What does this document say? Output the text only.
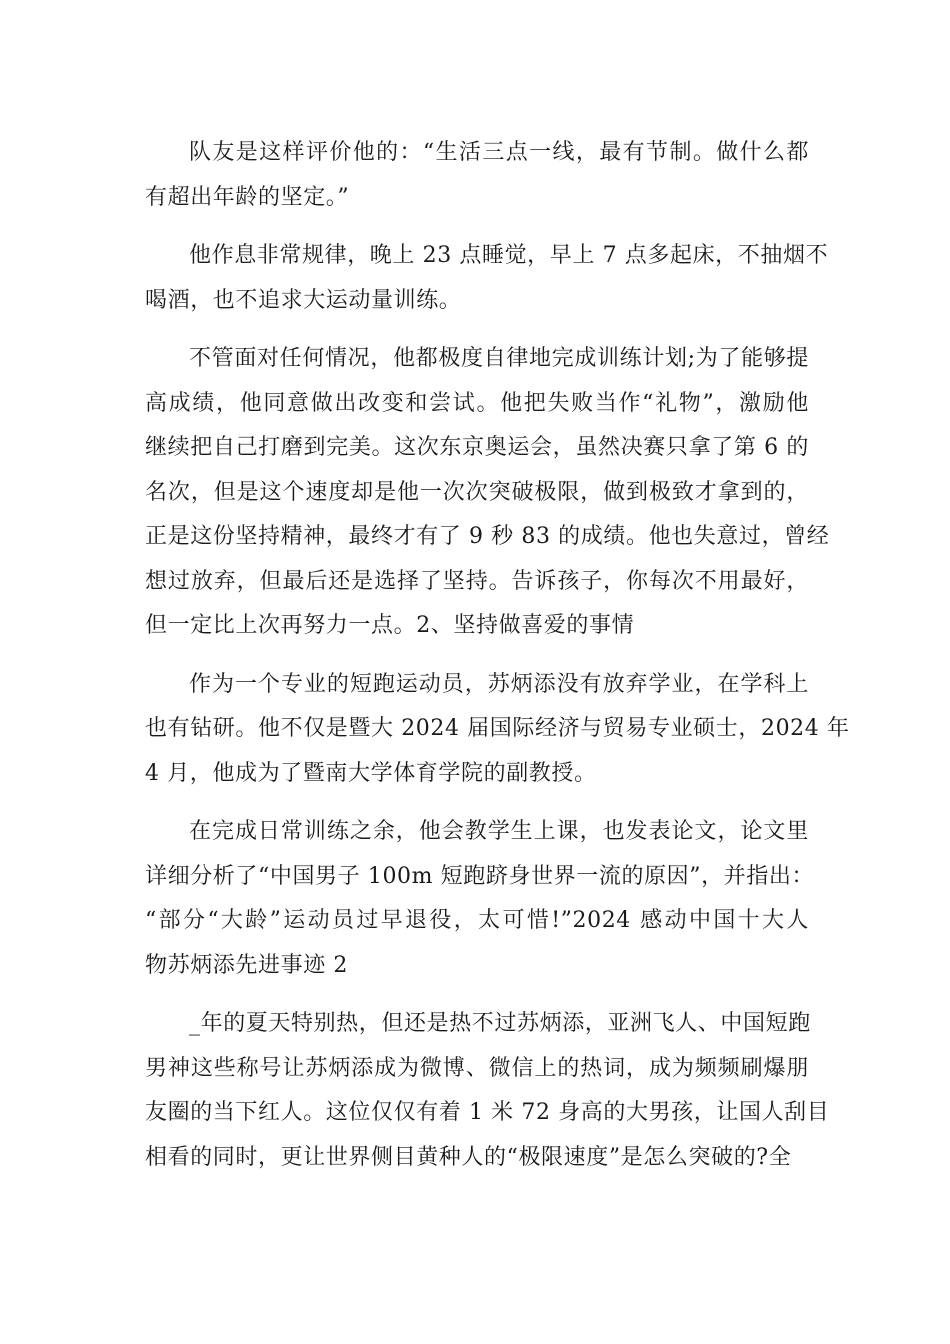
队友是这样评价他的：“生活三点一线，最有节制。做什么都
有超出年龄的坚定。”

他作息非常规律，晚上 23 点睡觉，早上 7 点多起床，不抽烟不
喝酒，也不追求大运动量训练。

不管面对任何情况，他都极度自律地完成训练计划;为了能够提
高成绩，他同意做出改变和尝试。他把失败当作“礼物”，激励他
继续把自己打磨到完美。这次东京奥运会，虽然决赛只拿了第 6 的
名次，但是这个速度却是他一次次突破极限，做到极致才拿到的，
正是这份坚持精神，最终才有了 9 秒 83 的成绩。他也失意过，曾经
想过放弃，但最后还是选择了坚持。告诉孩子，你每次不用最好，
但一定比上次再努力一点。2、坚持做喜爱的事情

作为一个专业的短跑运动员，苏炳添没有放弃学业，在学科上
也有钻研。他不仅是暨大 2024 届国际经济与贸易专业硕士，2024 年
4 月，他成为了暨南大学体育学院的副教授。

在完成日常训练之余，他会教学生上课，也发表论文，论文里
详细分析了“中国男子 100m 短跑跻身世界一流的原因”，并指出：
“部分“大龄”运动员过早退役，太可惜!”2024 感动中国十大人
物苏炳添先进事迹 2

_年的夏天特别热，但还是热不过苏炳添，亚洲飞人、中国短跑
男神这些称号让苏炳添成为微博、微信上的热词，成为频频刷爆朋
友圈的当下红人。这位仅仅有着 1 米 72 身高的大男孩，让国人刮目
相看的同时，更让世界侧目黄种人的“极限速度”是怎么突破的?全
